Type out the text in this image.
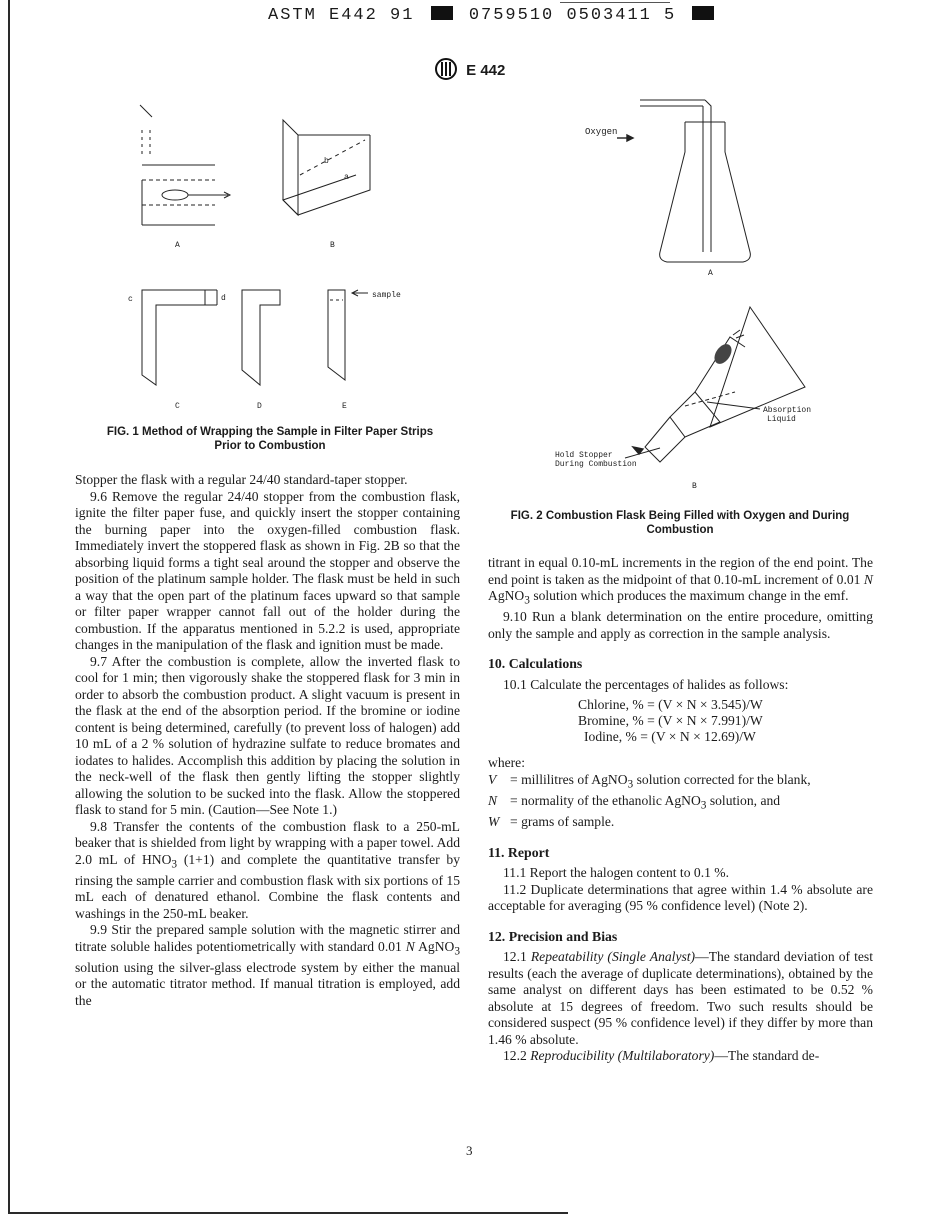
ASTM E442 91	0759510 0503411 5
E 442
b
a
A	B
c	d	sample
C	D	E
FIG. 1 Method of Wrapping the Sample in Filter Paper Strips
Prior to Combustion
Oxygen
A
Absorption
Liquid
Hold Stopper
During Combustion
B
FIG. 2 Combustion Flask Being Filled with Oxygen and During
Combustion

Stopper the flask with a regular 24/40 standard-taper stopper.

9.6 Remove the regular 24/40 stopper from the combustion flask, ignite the filter paper fuse, and quickly insert the stopper containing the burning paper into the oxygen-filled combustion flask. Immediately invert the stoppered flask as shown in Fig. 2B so that the absorbing liquid forms a tight seal around the stopper and observe the position of the platinum sample holder. The flask must be held in such a way that the open part of the platinum faces upward so that sample or filter paper wrapper cannot fall out of the holder during the combustion. If the apparatus mentioned in 5.2.2 is used, appropriate changes in the manipulation of the flask and ignition must be made.

9.7 After the combustion is complete, allow the inverted flask to cool for 1 min; then vigorously shake the stoppered flask for 3 min in order to absorb the combustion product. A slight vacuum is present in the flask at the end of the absorption period. If the bromine or iodine content is being determined, carefully (to prevent loss of halogen) add 10 mL of a 2 % solution of hydrazine sulfate to reduce bromates and iodates to halides. Accomplish this addition by placing the solution in the neck-well of the flask then gently lifting the stopper slightly allowing the solution to be sucked into the flask. Allow the stoppered flask to stand for 5 min. (Caution—See Note 1.)

9.8 Transfer the contents of the combustion flask to a 250-mL beaker that is shielded from light by wrapping with a paper towel. Add 2.0 mL of $HNO_3$ (1+1) and complete the quantitative transfer by rinsing the sample carrier and combustion flask with six portions of 15 mL each of denatured ethanol. Combine the flask contents and washings in the 250-mL beaker.

9.9 Stir the prepared sample solution with the magnetic stirrer and titrate soluble halides potentiometrically with standard 0.01 N AgNO$_3$ solution using the silver-glass electrode system by either the manual or the automatic titrator method. If manual titration is employed, add the

titrant in equal 0.10-mL increments in the region of the end point. The end point is taken as the midpoint of that 0.10-mL increment of 0.01 N AgNO$_3$ solution which produces the maximum change in the emf.

9.10 Run a blank determination on the entire procedure, omitting only the sample and apply as correction in the sample analysis.

10. Calculations

10.1 Calculate the percentages of halides as follows:

Chlorine, % = (V × N × 3.545)/W
Bromine, % = (V × N × 7.991)/W
Iodine, % = (V × N × 12.69)/W

where:

V	= millilitres of AgNO$_3$ solution corrected for the blank,
N = normality of the ethanolic AgNO$_3$ solution, and
W = grams of sample.

11. Report

11.1 Report the halogen content to 0.1 %.

11.2 Duplicate determinations that agree within 1.4 % absolute are acceptable for averaging (95 % confidence level) (Note 2).

12. Precision and Bias

12.1 Repeatability (Single Analyst)—The standard deviation of test results (each the average of duplicate determinations), obtained by the same analyst on different days has been estimated to be 0.52 % absolute at 15 degrees of freedom. Two such results should be considered suspect (95 % confidence level) if they differ by more than 1.46 % absolute.

12.2 Reproducibility (Multilaboratory)—The standard de-

3
